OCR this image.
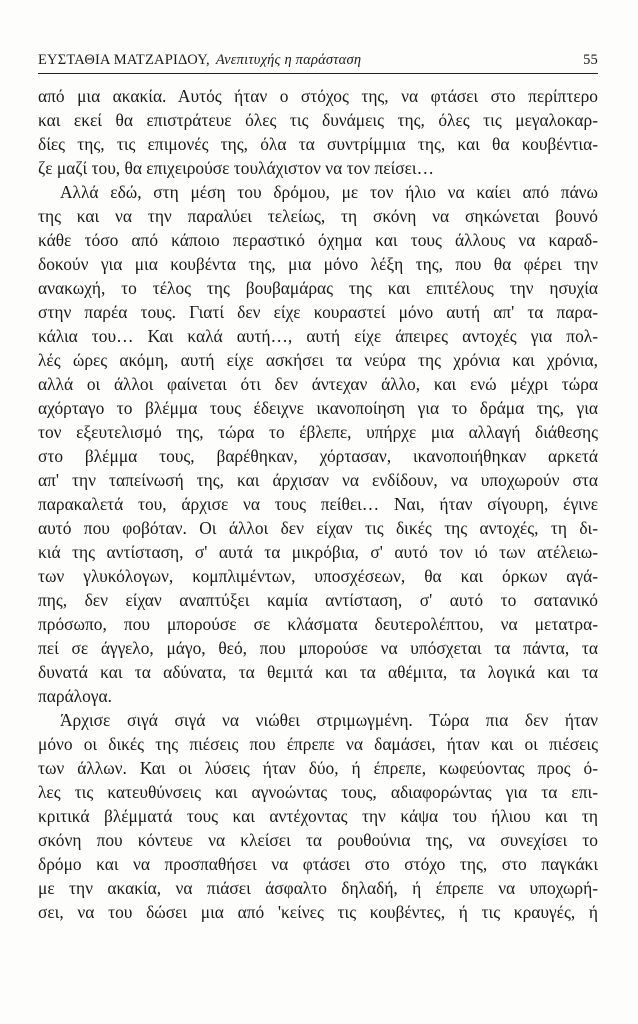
ΕΥΣΤΑΘΙΑ ΜΑΤΖΑΡΙΔΟΥ, Ανεπιτυχής η παράσταση	55
από μια ακακία. Αυτός ήταν ο στόχος της, να φτάσει στο περίπτερο
και εκεί θα επιστράτευε όλες τις δυνάμεις της, όλες τις μεγαλοκαρ-
δίες της, τις επιμονές της, όλα τα συντρίμμια της, και θα κουβέντια-
ζε μαζί του, θα επιχειρούσε τουλάχιστον να τον πείσει…
Αλλά εδώ, στη μέση του δρόμου, με τον ήλιο να καίει από πάνω
της και να την παραλύει τελείως, τη σκόνη να σηκώνεται βουνό
κάθε τόσο από κάποιο περαστικό όχημα και τους άλλους να καραδ-
δοκούν για μια κουβέντα της, μια μόνο λέξη της, που θα φέρει την
ανακωχή, το τέλος της βουβαμάρας της και επιτέλους την ησυχία
στην παρέα τους. Γιατί δεν είχε κουραστεί μόνο αυτή απ' τα παρα-
κάλια του… Και καλά αυτή…, αυτή είχε άπειρες αντοχές για πολ-
λές ώρες ακόμη, αυτή είχε ασκήσει τα νεύρα της χρόνια και χρόνια,
αλλά οι άλλοι φαίνεται ότι δεν άντεχαν άλλο, και ενώ μέχρι τώρα
αχόρταγο το βλέμμα τους έδειχνε ικανοποίηση για το δράμα της, για
τον εξευτελισμό της, τώρα το έβλεπε, υπήρχε μια αλλαγή διάθεσης
στο βλέμμα τους, βαρέθηκαν, χόρτασαν, ικανοποιήθηκαν αρκετά
απ' την ταπείνωσή της, και άρχισαν να ενδίδουν, να υποχωρούν στα
παρακαλετά του, άρχισε να τους πείθει… Ναι, ήταν σίγουρη, έγινε
αυτό που φοβόταν. Οι άλλοι δεν είχαν τις δικές της αντοχές, τη δι-
κιά της αντίσταση, σ' αυτά τα μικρόβια, σ' αυτό τον ιό των ατέλειω-
των γλυκόλογων, κομπλιμέντων, υποσχέσεων, θα και όρκων αγά-
πης, δεν είχαν αναπτύξει καμία αντίσταση, σ' αυτό το σατανικό
πρόσωπο, που μπορούσε σε κλάσματα δευτερολέπτου, να μετατρα-
πεί σε άγγελο, μάγο, θεό, που μπορούσε να υπόσχεται τα πάντα, τα
δυνατά και τα αδύνατα, τα θεμιτά και τα αθέμιτα, τα λογικά και τα
παράλογα.
Άρχισε σιγά σιγά να νιώθει στριμωγμένη. Τώρα πια δεν ήταν
μόνο οι δικές της πιέσεις που έπρεπε να δαμάσει, ήταν και οι πιέσεις
των άλλων. Και οι λύσεις ήταν δύο, ή έπρεπε, κωφεύοντας προς ό-
λες τις κατευθύνσεις και αγνοώντας τους, αδιαφορώντας για τα επι-
κριτικά βλέμματά τους και αντέχοντας την κάψα του ήλιου και τη
σκόνη που κόντευε να κλείσει τα ρουθούνια της, να συνεχίσει το
δρόμο και να προσπαθήσει να φτάσει στο στόχο της, στο παγκάκι
με την ακακία, να πιάσει άσφαλτο δηλαδή, ή έπρεπε να υποχωρή-
σει, να του δώσει μια από 'κείνες τις κουβέντες, ή τις κραυγές, ή
